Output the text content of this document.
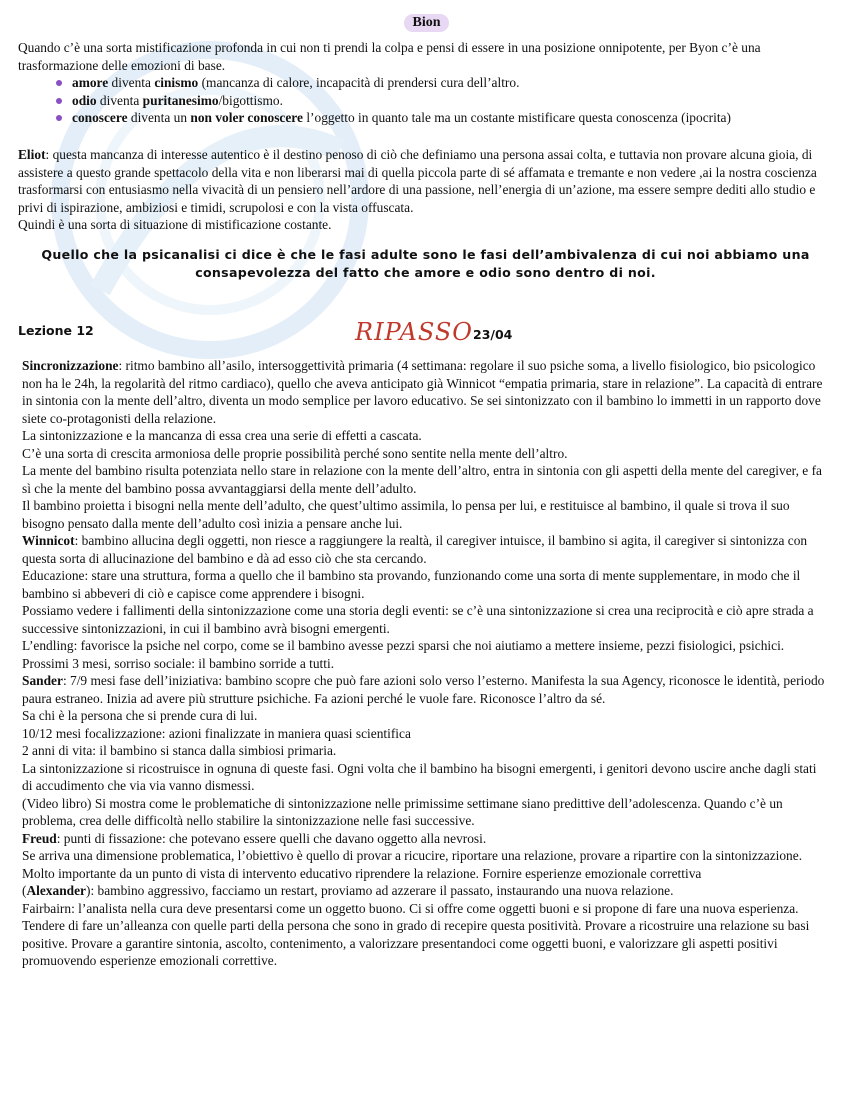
Bion

Quando c’è una sorta mistificazione profonda in cui non ti prendi la colpa e pensi di essere in una posizione onnipotente, per Byon c’è una trasformazione delle emozioni di base.

amore diventa cinismo (mancanza di calore, incapacità di prendersi cura dell’altro.
odio diventa puritanesimo/bigottismo.
conoscere diventa un non voler conoscere l’oggetto in quanto tale ma un costante mistificare questa conoscenza (ipocrita)

Eliot: questa mancanza di interesse autentico è il destino penoso di ciò che definiamo una persona assai colta, e tuttavia non provare alcuna gioia, di assistere a questo grande spettacolo della vita e non liberarsi mai di quella piccola parte di sé affamata e tremante e non vedere ,ai la nostra coscienza trasformarsi con entusiasmo nella vivacità di un pensiero nell’ardore di una passione, nell’energia di un’azione, ma essere sempre dediti allo studio e privi di ispirazione, ambiziosi e timidi, scrupolosi e con la vista offuscata.

Quindi è una sorta di situazione di mistificazione costante.

Quello che la psicanalisi ci dice è che le fasi adulte sono le fasi dell’ambivalenza di cui noi abbiamo una consapevolezza del fatto che amore e odio sono dentro di noi.
Lezione 12	RIPASSO 23/04

Sincronizzazione: ritmo bambino all’asilo, intersoggettività primaria (4 settimana: regolare il suo psiche soma, a livello fisiologico, bio psicologico non ha le 24h, la regolarità del ritmo cardiaco), quello che aveva anticipato già Winnicot “empatia primaria, stare in relazione”. La capacità di entrare in sintonia con la mente dell’altro, diventa un modo semplice per lavoro educativo. Se sei sintonizzato con il bambino lo immetti in un rapporto dove siete co-protagonisti della relazione.

La sintonizzazione e la mancanza di essa crea una serie di effetti a cascata.

C’è una sorta di crescita armoniosa delle proprie possibilità perché sono sentite nella mente dell’altro.

La mente del bambino risulta potenziata nello stare in relazione con la mente dell’altro, entra in sintonia con gli aspetti della mente del caregiver, e fa sì che la mente del bambino possa avvantaggiarsi della mente dell’adulto.

Il bambino proietta i bisogni nella mente dell’adulto, che quest’ultimo assimila, lo pensa per lui, e restituisce al bambino, il quale si trova il suo bisogno pensato dalla mente dell’adulto così inizia a pensare anche lui.

Winnicot: bambino allucina degli oggetti, non riesce a raggiungere la realtà, il caregiver intuisce, il bambino si agita, il caregiver si sintonizza con questa sorta di allucinazione del bambino e dà ad esso ciò che sta cercando.

Educazione: stare una struttura, forma a quello che il bambino sta provando, funzionando come una sorta di mente supplementare, in modo che il bambino si abbeveri di ciò e capisce come apprendere i bisogni.

Possiamo vedere i fallimenti della sintonizzazione come una storia degli eventi: se c’è una sintonizzazione si crea una reciprocità e ciò apre strada a successive sintonizzazioni, in cui il bambino avrà bisogni emergenti.

L’endling: favorisce la psiche nel corpo, come se il bambino avesse pezzi sparsi che noi aiutiamo a mettere insieme, pezzi fisiologici, psichici.

Prossimi 3 mesi, sorriso sociale: il bambino sorride a tutti.

Sander: 7/9 mesi fase dell’iniziativa: bambino scopre che può fare azioni solo verso l’esterno. Manifesta la sua Agency, riconosce le identità, periodo paura estraneo. Inizia ad avere più strutture psichiche. Fa azioni perché le vuole fare. Riconosce l’altro da sé.

Sa chi è la persona che si prende cura di lui.

10/12 mesi focalizzazione: azioni finalizzate in maniera quasi scientifica

2 anni di vita: il bambino si stanca dalla simbiosi primaria.

La sintonizzazione si ricostruisce in ognuna di queste fasi. Ogni volta che il bambino ha bisogni emergenti, i genitori devono uscire anche dagli stati di accudimento che via via vanno dismessi.

(Video libro) Si mostra come le problematiche di sintonizzazione nelle primissime settimane siano predittive dell’adolescenza. Quando c’è un problema, crea delle difficoltà nello stabilire la sintonizzazione nelle fasi successive.

Freud: punti di fissazione: che potevano essere quelli che davano oggetto alla nevrosi.

Se arriva una dimensione problematica, l’obiettivo è quello di provar a ricucire, riportare una relazione, provare a ripartire con la sintonizzazione.

Molto importante da un punto di vista di intervento educativo riprendere la relazione. Fornire esperienze emozionale correttiva

(Alexander): bambino aggressivo, facciamo un restart, proviamo ad azzerare il passato, instaurando una nuova relazione.

Fairbairn: l’analista nella cura deve presentarsi come un oggetto buono. Ci si offre come oggetti buoni e si propone di fare una nuova esperienza. Tendere di fare un’alleanza con quelle parti della persona che sono in grado di recepire questa positività. Provare a ricostruire una relazione su basi positive. Provare a garantire sintonia, ascolto, contenimento, a valorizzare presentandoci come oggetti buoni, e valorizzare gli aspetti positivi promuovendo esperienze emozionali correttive.
